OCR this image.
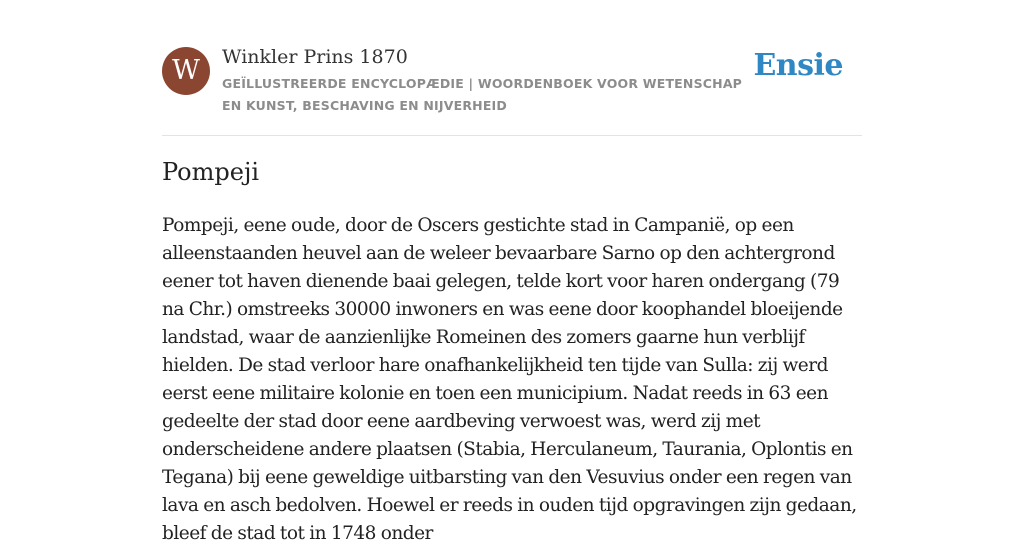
W	Winkler Prins 1870
GEÏLLUSTREERDE ENCYCLOPÆDIE | WOORDENBOEK VOOR WETENSCHAP EN KUNST, BESCHAVING EN NIJVERHEID
Ensie
Pompeji

Pompeji, eene oude, door de Oscers gestichte stad in Campanië, op een alleenstaanden heuvel aan de weleer bevaarbare Sarno op den achtergrond eener tot haven dienende baai gelegen, telde kort voor haren ondergang (79 na Chr.) omstreeks 30000 inwoners en was eene door koophandel bloeijende landstad, waar de aanzienlijke Romeinen des zomers gaarne hun verblijf hielden. De stad verloor hare onafhankelijkheid ten tijde van Sulla: zij werd eerst eene militaire kolonie en toen een municipium. Nadat reeds in 63 een gedeelte der stad door eene aardbeving verwoest was, werd zij met onderscheidene andere plaatsen (Stabia, Herculaneum, Taurania, Oplontis en Tegana) bij eene geweldige uitbarsting van den Vesuvius onder een regen van lava en asch bedolven. Hoewel er reeds in ouden tijd opgravingen zijn gedaan, bleef de stad tot in 1748 onder
